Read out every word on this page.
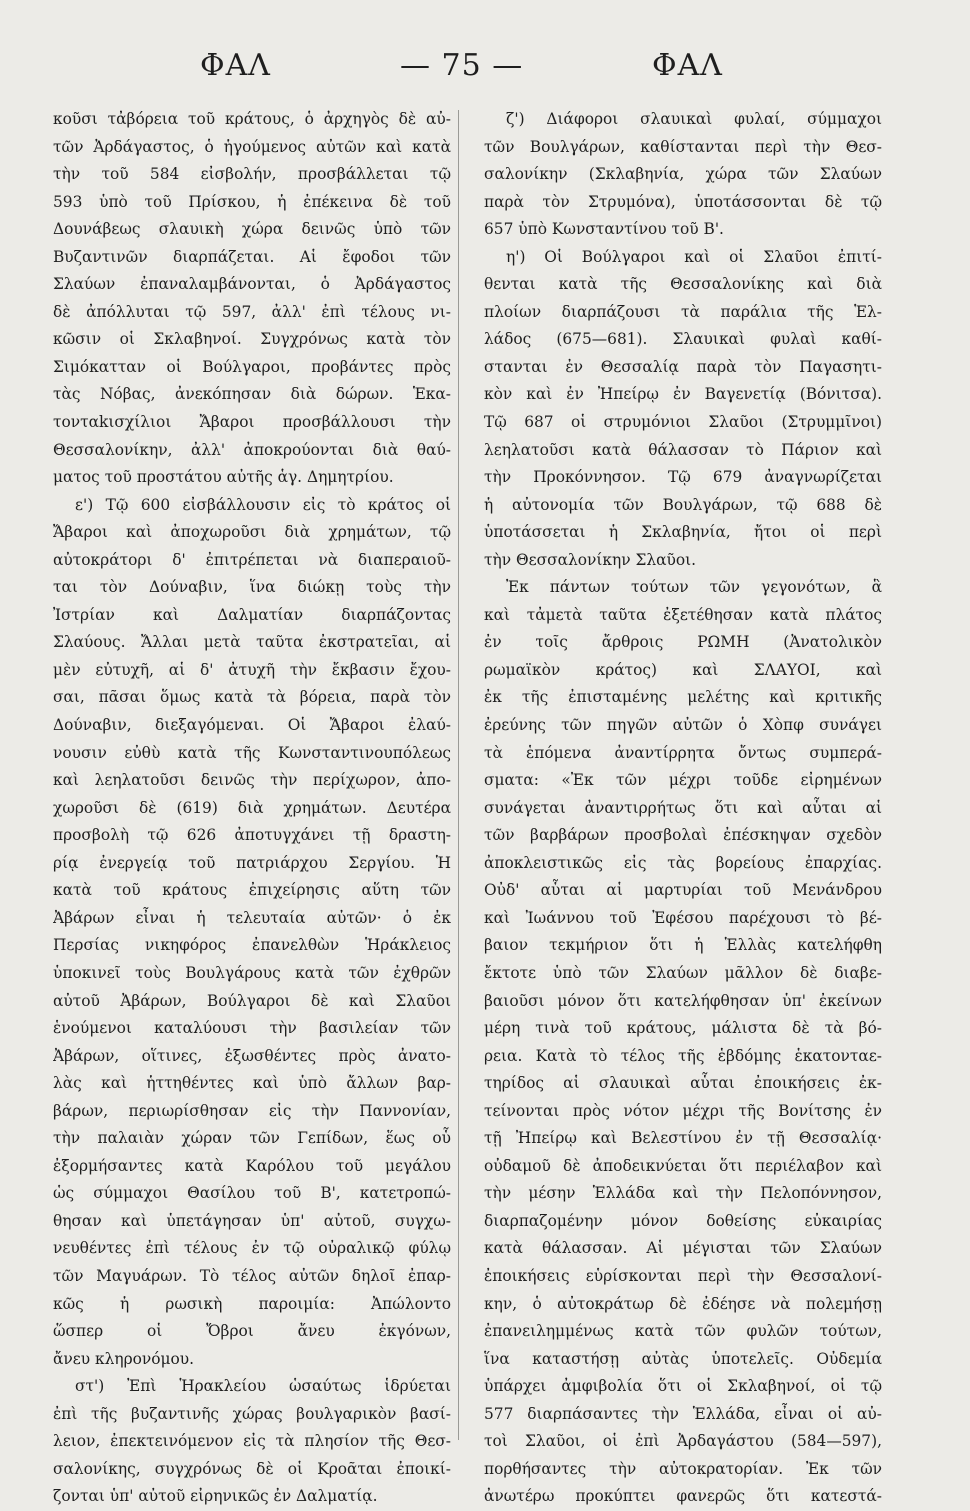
ΦΑΛ	— 75 —	ΦΑΛ
κοῦσι τἀβόρεια τοῦ κράτους, ὁ ἀρχηγὸς δὲ αὐ-
τῶν Ἀρδάγαστος, ὁ ἡγούμενος αὐτῶν καὶ κατὰ
τὴν τοῦ 584 εἰσβολήν, προσβάλλεται τῷ
593 ὑπὸ τοῦ Πρίσκου, ἡ ἐπέκεινα δὲ τοῦ
Δουνάβεως σλαυικὴ χώρα δεινῶς ὑπὸ τῶν
Βυζαντινῶν διαρπάζεται. Αἱ ἔφοδοι τῶν
Σλαύων ἐπαναλαμβάνονται, ὁ Ἀρδάγαστος
δὲ ἀπόλλυται τῷ 597, ἀλλ' ἐπὶ τέλους νι-
κῶσιν οἱ Σκλαβηνοί. Συγχρόνως κατὰ τὸν
Σιμόκατταν οἱ Βούλγαροι, προβάντες πρὸς
τὰς Νόβας, ἀνεκόπησαν διὰ δώρων. Ἑκα-
τονταkισχίλιοι Ἄβαροι προσβάλλουσι τὴν
Θεσσαλονίκην, ἀλλ' ἀποκρούονται διὰ θαύ-
ματος τοῦ προστάτου αὐτῆς ἁγ. Δημητρίου.
ε') Τῷ 600 εἰσβάλλουσιν εἰς τὸ κράτος οἱ
Ἄβαροι καὶ ἀποχωροῦσι διὰ χρημάτων, τῷ
αὐτοκράτορι δ' ἐπιτρέπεται νὰ διαπεραιοῦ-
ται τὸν Δούναβιν, ἵνα διώκῃ τοὺς τὴν
Ἰστρίαν καὶ Δαλματίαν διαρπάζοντας
Σλαύους. Ἄλλαι μετὰ ταῦτα ἐκστρατεῖαι, αἱ
μὲν εὐτυχῆ, αἱ δ' ἀτυχῆ τὴν ἔκβασιν ἔχου-
σαι, πᾶσαι ὅμως κατὰ τὰ βόρεια, παρὰ τὸν
Δούναβιν, διεξαγόμεναι. Οἱ Ἄβαροι ἐλαύ-
νουσιν εὐθὺ κατὰ τῆς Κωνσταντινουπόλεως
καὶ λεηλατοῦσι δεινῶς τὴν περίχωρον, ἀπο-
χωροῦσι δὲ (619) διὰ χρημάτων. Δευτέρα
προσβολὴ τῷ 626 ἀποτυγχάνει τῇ δραστη-
ρίᾳ ἐνεργείᾳ τοῦ πατριάρχου Σεργίου. Ἡ
κατὰ τοῦ κράτους ἐπιχείρησις αὕτη τῶν
Ἀβάρων εἶναι ἡ τελευταία αὐτῶν· ὁ ἐκ
Περσίας νικηφόρος ἐπανελθὼν Ἡράκλειος
ὑποκινεῖ τοὺς Βουλγάρους κατὰ τῶν ἐχθρῶν
αὐτοῦ Ἀβάρων, Βούλγαροι δὲ καὶ Σλαῦοι
ἑνούμενοι καταλύουσι τὴν βασιλείαν τῶν
Ἀβάρων, οἵτινες, ἐξωσθέντες πρὸς ἀνατο-
λὰς καὶ ἡττηθέντες καὶ ὑπὸ ἄλλων βαρ-
βάρων, περιωρίσθησαν εἰς τὴν Παννονίαν,
τὴν παλαιὰν χώραν τῶν Γεπίδων, ἕως οὗ
ἐξορμήσαντες κατὰ Καρόλου τοῦ μεγάλου
ὡς σύμμαχοι Θασίλου τοῦ Β', κατετροπώ-
θησαν καὶ ὑπετάγησαν ὑπ' αὐτοῦ, συγχω-
νευθέντες ἐπὶ τέλους ἐν τῷ οὐραλικῷ φύλῳ
τῶν Μαγυάρων. Τὸ τέλος αὐτῶν δηλοῖ ἐπαρ-
κῶς ἡ ρωσικὴ παροιμία: Ἀπώλοντο
ὥσπερ οἱ Ὄβροι ἄνευ ἐκγόνων,
ἄνευ κληρονόμου.
στ') Ἐπὶ Ἡρακλείου ὡσαύτως ἱδρύεται
ἐπὶ τῆς βυζαντινῆς χώρας βουλγαρικὸν βασί-
λειον, ἐπεκτεινόμενον εἰς τὰ πλησίον τῆς Θεσ-
σαλονίκης, συγχρόνως δὲ οἱ Κροᾶται ἐποικί-
ζονται ὑπ' αὐτοῦ εἰρηνικῶς ἐν Δαλματίᾳ.
ζ') Διάφοροι σλαυικαὶ φυλαί, σύμμαχοι
τῶν Βουλγάρων, καθίστανται περὶ τὴν Θεσ-
σαλονίκην (Σκλαβηνία, χώρα τῶν Σλαύων
παρὰ τὸν Στρυμόνα), ὑποτάσσονται δὲ τῷ
657 ὑπὸ Κωνσταντίνου τοῦ Β'.
η') Οἱ Βούλγαροι καὶ οἱ Σλαῦοι ἐπιτί-
θενται κατὰ τῆς Θεσσαλονίκης καὶ διὰ
πλοίων διαρπάζουσι τὰ παράλια τῆς Ἑλ-
λάδος (675—681). Σλαυικαὶ φυλαὶ καθί-
στανται ἐν Θεσσαλίᾳ παρὰ τὸν Παγασητι-
κὸν καὶ ἐν Ἠπείρῳ ἐν Βαγενετίᾳ (Βόνιτσα).
Τῷ 687 οἱ στρυμόνιοι Σλαῦοι (Στρυμμῖνοι)
λεηλατοῦσι κατὰ θάλασσαν τὸ Πάριον καὶ
τὴν Προκόννησον. Τῷ 679 ἀναγνωρίζεται
ἡ αὐτονομία τῶν Βουλγάρων, τῷ 688 δὲ
ὑποτάσσεται ἡ Σκλαβηνία, ἤτοι οἱ περὶ
τὴν Θεσσαλονίκην Σλαῦοι.
Ἐκ πάντων τούτων τῶν γεγονότων, ἃ
καὶ τἀμετὰ ταῦτα ἐξετέθησαν κατὰ πλάτος
ἐν τοῖς ἄρθροις ΡΩΜΗ (Ἀνατολικὸν
ρωμαϊκὸν κράτος) καὶ ΣΛΑΥΟΙ, καὶ
ἐκ τῆς ἐπισταμένης μελέτης καὶ κριτικῆς
ἐρεύνης τῶν πηγῶν αὐτῶν ὁ Χὸπφ συνάγει
τὰ ἑπόμενα ἀναντίρρητα ὄντως συμπερά-
σματα: «Ἐκ τῶν μέχρι τοῦδε εἰρημένων
συνάγεται ἀναντιρρήτως ὅτι καὶ αὗται αἱ
τῶν βαρβάρων προσβολαὶ ἐπέσκηψαν σχεδὸν
ἀποκλειστικῶς εἰς τὰς βορείους ἐπαρχίας.
Οὐδ' αὗται αἱ μαρτυρίαι τοῦ Μενάνδρου
καὶ Ἰωάννου τοῦ Ἐφέσου παρέχουσι τὸ βέ-
βαιον τεκμήριον ὅτι ἡ Ἑλλὰς κατελήφθη
ἔκτοτε ὑπὸ τῶν Σλαύων μᾶλλον δὲ διαβε-
βαιοῦσι μόνον ὅτι κατελήφθησαν ὑπ' ἐκείνων
μέρη τινὰ τοῦ κράτους, μάλιστα δὲ τὰ βό-
ρεια. Κατὰ τὸ τέλος τῆς ἑβδόμης ἑκατονταε-
τηρίδος αἱ σλαυικαὶ αὗται ἐποικήσεις ἐκ-
τείνονται πρὸς νότον μέχρι τῆς Βονίτσης ἐν
τῇ Ἠπείρῳ καὶ Βελεστίνου ἐν τῇ Θεσσαλίᾳ·
οὐδαμοῦ δὲ ἀποδεικνύεται ὅτι περιέλαβον καὶ
τὴν μέσην Ἑλλάδα καὶ τὴν Πελοπόννησον,
διαρπαζομένην μόνον δοθείσης εὐκαιρίας
κατὰ θάλασσαν. Αἱ μέγισται τῶν Σλαύων
ἐποικήσεις εὑρίσκονται περὶ τὴν Θεσσαλονί-
κην, ὁ αὐτοκράτωρ δὲ ἐδέησε νὰ πολεμήσῃ
ἐπανειλημμένως κατὰ τῶν φυλῶν τούτων,
ἵνα καταστήσῃ αὐτὰς ὑποτελεῖς. Οὐδεμία
ὑπάρχει ἀμφιβολία ὅτι οἱ Σκλαβηνοί, οἱ τῷ
577 διαρπάσαντες τὴν Ἑλλάδα, εἶναι οἱ αὐ-
τοὶ Σλαῦοι, οἱ ἐπὶ Ἀρδαγάστου (584—597),
πορθήσαντες τὴν αὐτοκρατορίαν. Ἐκ τῶν
ἀνωτέρω προκύπτει φανερῶς ὅτι κατεστά-
